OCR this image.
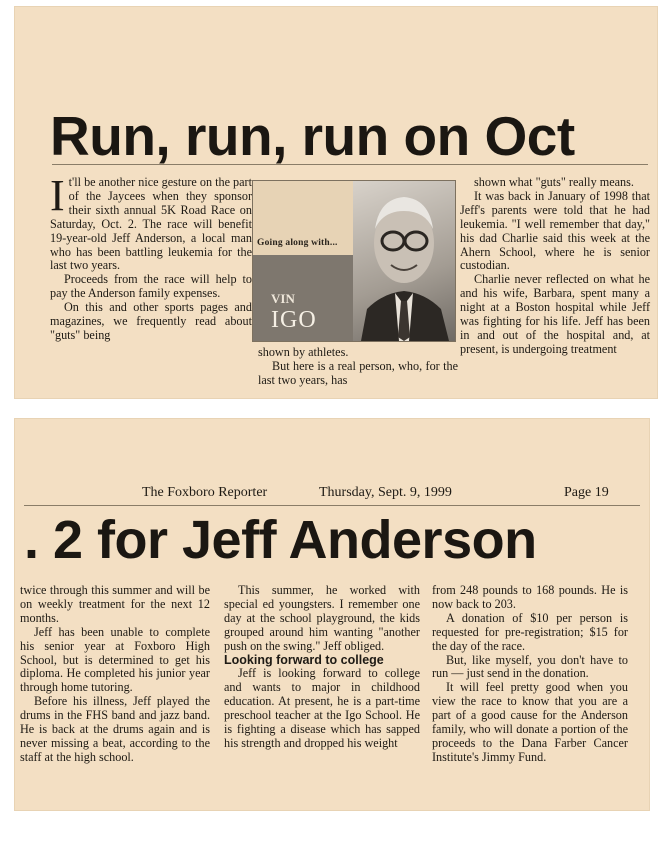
Run, run, run on Oct

It'll be another nice gesture on the part of the Jaycees when they sponsor their sixth annual 5K Road Race on Saturday, Oct. 2. The race will benefit 19-year-old Jeff Anderson, a local man who has been battling leukemia for the last two years.

Proceeds from the race will help to pay the Anderson family expenses.

On this and other sports pages and magazines, we frequently read about "guts" being

Going along with...
VIN
IGO

shown by athletes.

But here is a real person, who, for the last two years, has

shown what "guts" really means.

It was back in January of 1998 that Jeff's parents were told that he had leukemia. "I well remember that day," his dad Charlie said this week at the Ahern School, where he is senior custodian.

Charlie never reflected on what he and his wife, Barbara, spent many a night at a Boston hospital while Jeff was fighting for his life. Jeff has been in and out of the hospital and, at present, is undergoing treatment

The Foxboro Reporter	Thursday, Sept. 9, 1999	Page 19
. 2 for Jeff Anderson

twice through this summer and will be on weekly treatment for the next 12 months.

Jeff has been unable to complete his senior year at Foxboro High School, but is determined to get his diploma. He completed his junior year through home tutoring.

Before his illness, Jeff played the drums in the FHS band and jazz band. He is back at the drums again and is never missing a beat, according to the staff at the high school.

This summer, he worked with special ed youngsters. I remember one day at the school playground, the kids grouped around him wanting "another push on the swing." Jeff obliged.

Looking forward to college

Jeff is looking forward to college and wants to major in childhood education. At present, he is a part-time preschool teacher at the Igo School. He is fighting a disease which has sapped his strength and dropped his weight

from 248 pounds to 168 pounds. He is now back to 203.

A donation of $10 per person is requested for pre-registration; $15 for the day of the race.

But, like myself, you don't have to run — just send in the donation.

It will feel pretty good when you view the race to know that you are a part of a good cause for the Anderson family, who will donate a portion of the proceeds to the Dana Farber Cancer Institute's Jimmy Fund.
